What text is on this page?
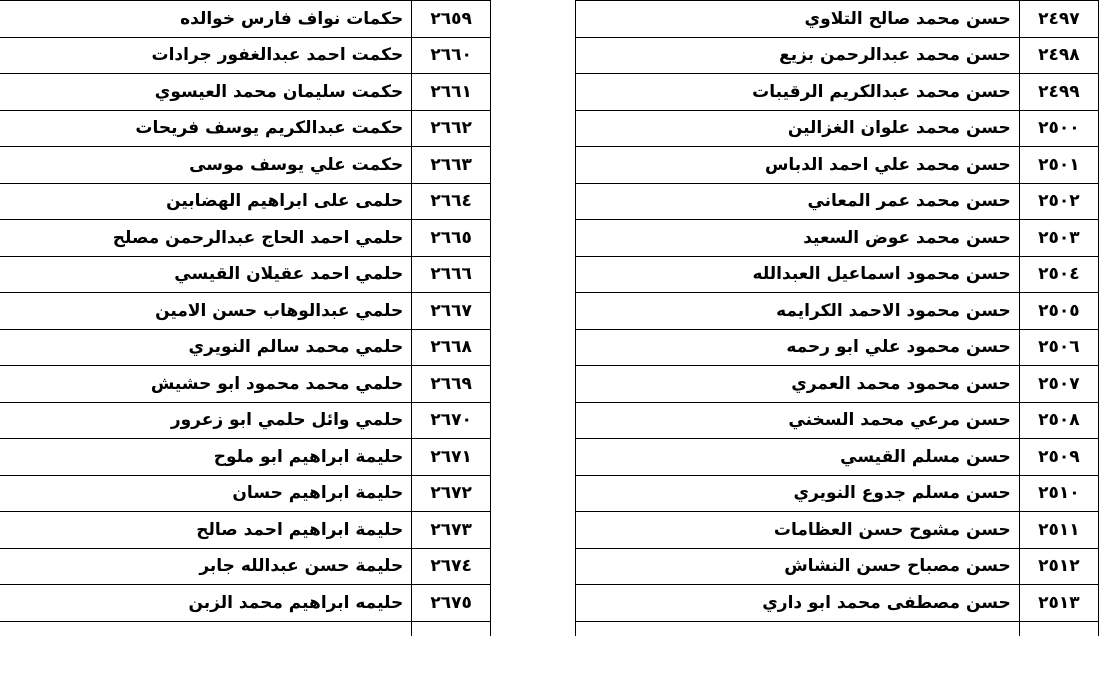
٢٤٩٧	حسن محمد صالح التلاوي
٢٤٩٨	حسن محمد عبدالرحمن بزيع
٢٤٩٩	حسن محمد عبدالكريم الرقيبات
٢٥٠٠	حسن محمد علوان الغزالين
٢٥٠١	حسن محمد علي احمد الدباس
٢٥٠٢	حسن محمد عمر المعاني
٢٥٠٣	حسن محمد عوض السعيد
٢٥٠٤	حسن محمود اسماعيل العبدالله
٢٥٠٥	حسن محمود الاحمد الكرايمه
٢٥٠٦	حسن محمود علي ابو رحمه
٢٥٠٧	حسن محمود محمد العمري
٢٥٠٨	حسن مرعي محمد السخني
٢٥٠٩	حسن مسلم القيسي
٢٥١٠	حسن مسلم جدوع النويري
٢٥١١	حسن مشوح حسن العظامات
٢٥١٢	حسن مصباح حسن النشاش
٢٥١٣	حسن مصطفى محمد ابو داري

٢٦٥٩	حكمات نواف فارس خوالده
٢٦٦٠	حكمت احمد عبدالغفور جرادات
٢٦٦١	حكمت سليمان محمد العيسوي
٢٦٦٢	حكمت عبدالكريم يوسف فريحات
٢٦٦٣	حكمت علي يوسف موسى
٢٦٦٤	حلمى على ابراهيم الهضابين
٢٦٦٥	حلمي احمد الحاج عبدالرحمن مصلح
٢٦٦٦	حلمي احمد عقيلان القيسي
٢٦٦٧	حلمي عبدالوهاب حسن الامين
٢٦٦٨	حلمي محمد سالم النويري
٢٦٦٩	حلمي محمد محمود ابو حشيش
٢٦٧٠	حلمي وائل حلمي ابو زعرور
٢٦٧١	حليمة ابراهيم ابو ملوح
٢٦٧٢	حليمة ابراهيم حسان
٢٦٧٣	حليمة ابراهيم احمد صالح
٢٦٧٤	حليمة حسن عبدالله جابر
٢٦٧٥	حليمه ابراهيم محمد الزبن
